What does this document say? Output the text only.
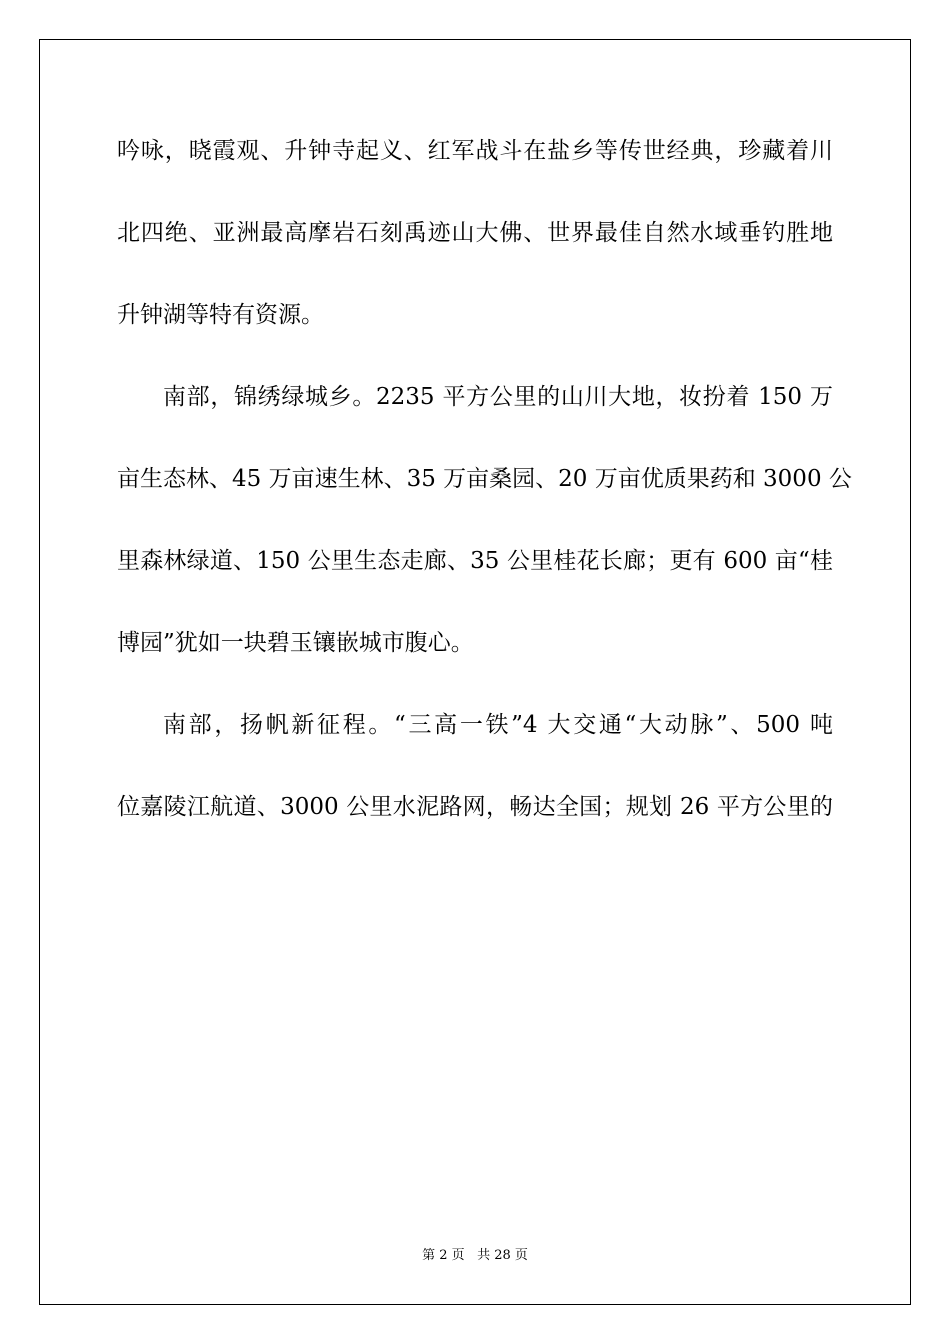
吟咏，晓霞观、升钟寺起义、红军战斗在盐乡等传世经典，珍藏着川
北四绝、亚洲最高摩岩石刻禹迹山大佛、世界最佳自然水域垂钓胜地
升钟湖等特有资源。
南部，锦绣绿城乡。2235 平方公里的山川大地，妆扮着 150 万
亩生态林、45 万亩速生林、35 万亩桑园、20 万亩优质果药和 3000 公
里森林绿道、150 公里生态走廊、35 公里桂花长廊；更有 600 亩“桂
博园”犹如一块碧玉镶嵌城市腹心。
南部，扬帆新征程。“三高一铁”4 大交通“大动脉”、500 吨
位嘉陵江航道、3000 公里水泥路网，畅达全国；规划 26 平方公里的
第 2 页 共 28 页
